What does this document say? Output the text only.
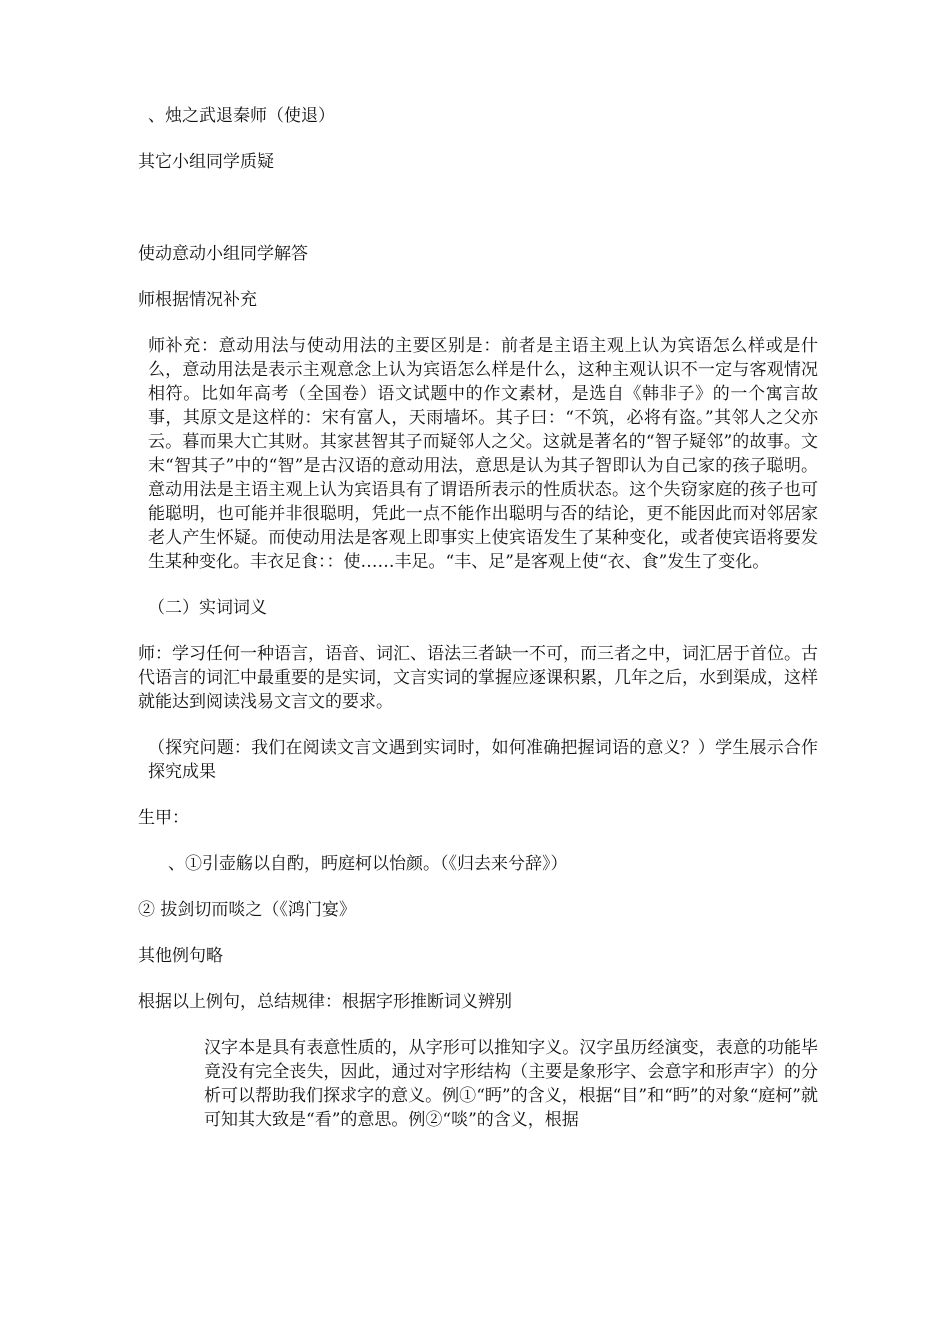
、烛之武退秦师（使退）

其它小组同学质疑

使动意动小组同学解答

师根据情况补充

师补充：意动用法与使动用法的主要区别是：前者是主语主观上认为宾语怎么样或是什么，意动用法是表示主观意念上认为宾语怎么样是什么，这种主观认识不一定与客观情况相符。比如年高考（全国卷）语文试题中的作文素材，是选自《韩非子》的一个寓言故事，其原文是这样的：宋有富人，天雨墙坏。其子曰：“不筑，必将有盗。”其邻人之父亦云。暮而果大亡其财。其家甚智其子而疑邻人之父。这就是著名的“智子疑邻”的故事。文末“智其子”中的“智”是古汉语的意动用法，意思是认为其子智即认为自己家的孩子聪明。意动用法是主语主观上认为宾语具有了谓语所表示的性质状态。这个失窃家庭的孩子也可能聪明，也可能并非很聪明，凭此一点不能作出聪明与否的结论，更不能因此而对邻居家老人产生怀疑。而使动用法是客观上即事实上使宾语发生了某种变化，或者使宾语将要发生某种变化。丰衣足食：：使……丰足。“丰、足”是客观上使“衣、食”发生了变化。

（二）实词词义

师：学习任何一种语言，语音、词汇、语法三者缺一不可，而三者之中，词汇居于首位。古代语言的词汇中最重要的是实词，文言实词的掌握应逐课积累，几年之后，水到渠成，这样就能达到阅读浅易文言文的要求。

（探究问题：我们在阅读文言文遇到实词时，如何准确把握词语的意义？）学生展示合作探究成果

生甲：

、①引壶觞以自酌，眄庭柯以怡颜。（《归去来兮辞》）

② 拔剑切而啖之（《鸿门宴》

其他例句略

根据以上例句，总结规律：根据字形推断词义辨别

汉字本是具有表意性质的，从字形可以推知字义。汉字虽历经演变，表意的功能毕竟没有完全丧失，因此，通过对字形结构（主要是象形字、会意字和形声字）的分析可以帮助我们探求字的意义。例①“眄”的含义，根据“目”和“眄”的对象“庭柯”就可知其大致是“看”的意思。例②“啖”的含义，根据
